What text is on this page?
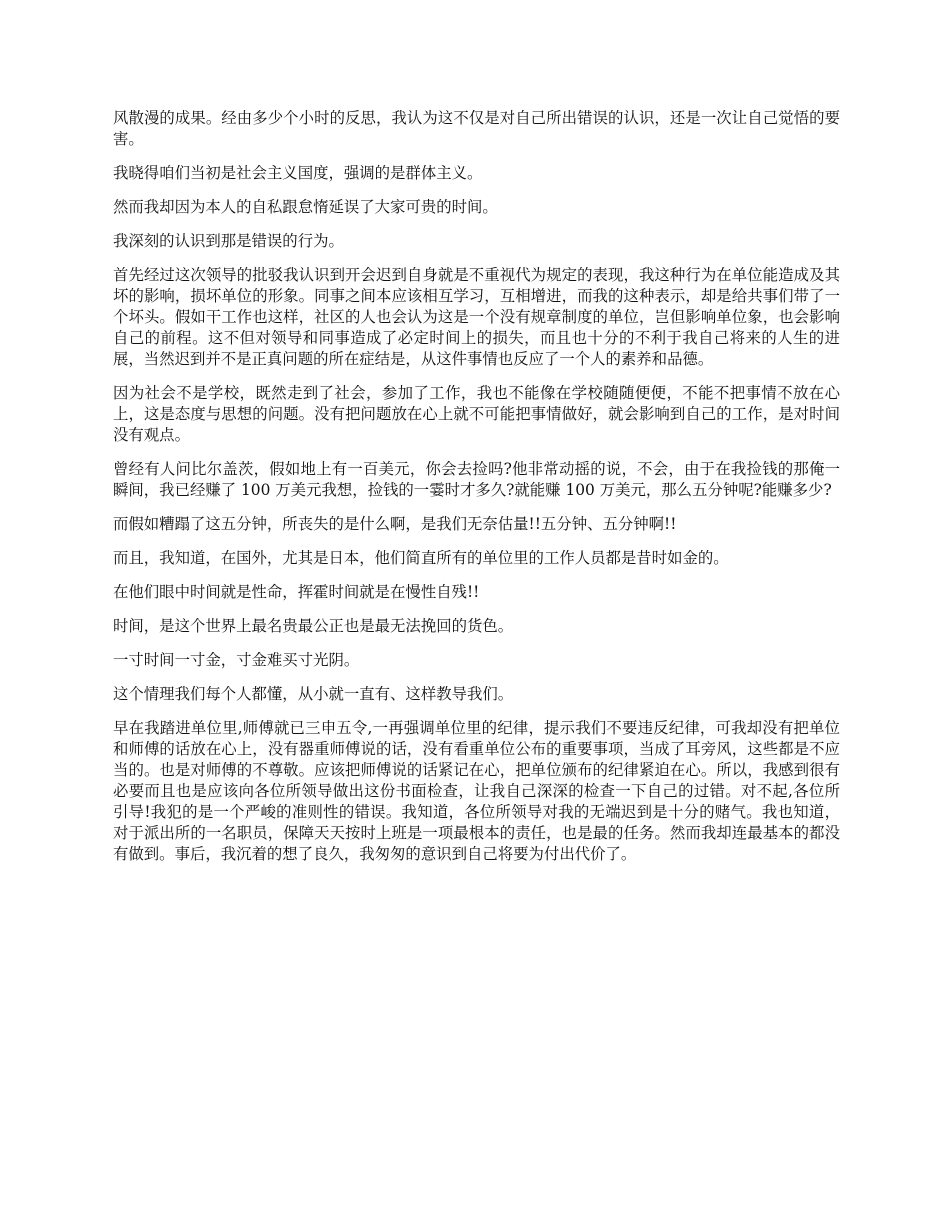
风散漫的成果。经由多少个小时的反思，我认为这不仅是对自己所出错误的认识，还是一次让自己觉悟的要害。

我晓得咱们当初是社会主义国度，强调的是群体主义。

然而我却因为本人的自私跟怠惰延误了大家可贵的时间。

我深刻的认识到那是错误的行为。

首先经过这次领导的批驳我认识到开会迟到自身就是不重视代为规定的表现，我这种行为在单位能造成及其坏的影响，损坏单位的形象。同事之间本应该相互学习，互相增进，而我的这种表示，却是给共事们带了一个坏头。假如干工作也这样，社区的人也会认为这是一个没有规章制度的单位，岂但影响单位象，也会影响自己的前程。这不但对领导和同事造成了必定时间上的损失，而且也十分的不利于我自己将来的人生的进展，当然迟到并不是正真问题的所在症结是，从这件事情也反应了一个人的素养和品德。

因为社会不是学校，既然走到了社会，参加了工作，我也不能像在学校随随便便，不能不把事情不放在心上，这是态度与思想的问题。没有把问题放在心上就不可能把事情做好，就会影响到自己的工作，是对时间没有观点。

曾经有人问比尔盖茨，假如地上有一百美元，你会去捡吗?他非常动摇的说，不会，由于在我捡钱的那俺一瞬间，我已经赚了 100 万美元我想，捡钱的一霎时才多久?就能赚 100 万美元，那么五分钟呢?能赚多少?

而假如糟蹋了这五分钟，所丧失的是什么啊，是我们无奈估量!!五分钟、五分钟啊!!

而且，我知道，在国外，尤其是日本，他们简直所有的单位里的工作人员都是昔时如金的。

在他们眼中时间就是性命，挥霍时间就是在慢性自残!!

时间，是这个世界上最名贵最公正也是最无法挽回的货色。

一寸时间一寸金，寸金难买寸光阴。

这个情理我们每个人都懂，从小就一直有、这样教导我们。

早在我踏进单位里,师傅就已三申五令,一再强调单位里的纪律，提示我们不要违反纪律，可我却没有把单位和师傅的话放在心上，没有器重师傅说的话，没有看重单位公布的重要事项，当成了耳旁风，这些都是不应当的。也是对师傅的不尊敬。应该把师傅说的话紧记在心，把单位颁布的纪律紧迫在心。所以，我感到很有必要而且也是应该向各位所领导做出这份书面检查，让我自己深深的检查一下自己的过错。对不起,各位所引导!我犯的是一个严峻的准则性的错误。我知道，各位所领导对我的无端迟到是十分的赌气。我也知道，对于派出所的一名职员，保障天天按时上班是一项最根本的责任，也是最的任务。然而我却连最基本的都没有做到。事后，我沉着的想了良久，我匆匆的意识到自己将要为付出代价了。
